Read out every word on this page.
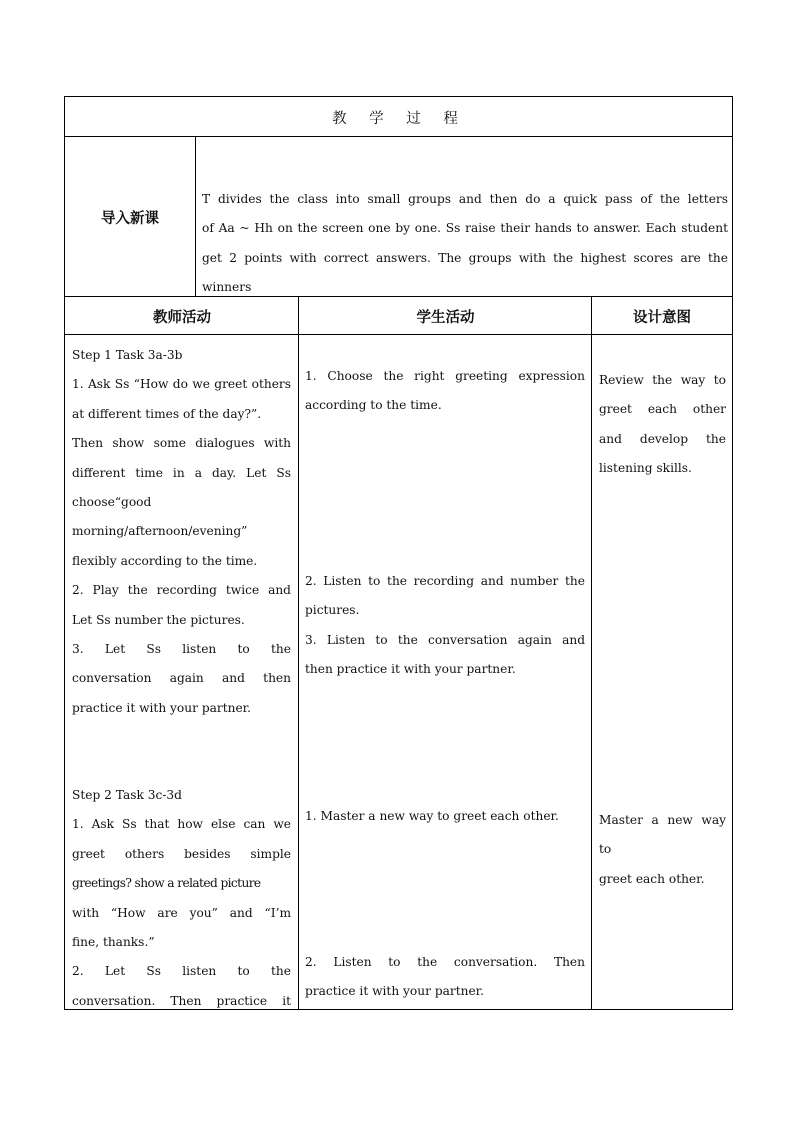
教 学 过 程
导入新课
T divides the class into small groups and then do a quick pass of the letters
of Aa ~ Hh on the screen one by one. Ss raise their hands to answer. Each student
get 2 points with correct answers. The groups with the highest scores are the
winners
教师活动	学生活动	设计意图
Step 1 Task 3a-3b
1. Ask Ss “How do we greet others
at different times of the day?”.
Then show some dialogues with
different time in a day. Let Ss
choose“good
morning/afternoon/evening”
flexibly according to the time.
2. Play the recording twice and
Let Ss number the pictures.
3. Let Ss listen to the
conversation again and then
practice it with your partner.
Step 2 Task 3c-3d
1. Ask Ss that how else can we
greet others besides simple
greetings? show a related picture
with “How are you” and “I’m
fine, thanks.”
2. Let Ss listen to the
conversation. Then practice it
1. Choose the right greeting expression
according to the time.
2. Listen to the recording and number the
pictures.
3. Listen to the conversation again and
then practice it with your partner.
1. Master a new way to greet each other.
2. Listen to the conversation. Then
practice it with your partner.
Review the way to
greet each other
and develop the
listening skills.
Master a new way to
greet each other.
